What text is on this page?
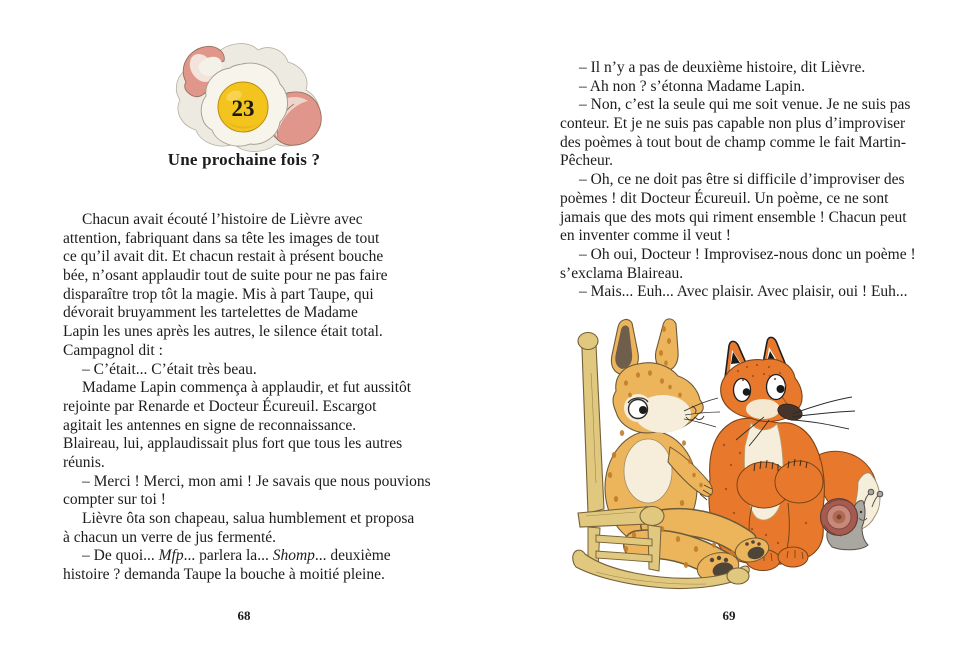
23
Une prochaine fois ?
Chacun avait écouté l’histoire de Lièvre avec
attention, fabriquant dans sa tête les images de tout
ce qu’il avait dit. Et chacun restait à présent bouche
bée, n’osant applaudir tout de suite pour ne pas faire
disparaître trop tôt la magie. Mis à part Taupe, qui
dévorait bruyamment les tartelettes de Madame
Lapin les unes après les autres, le silence était total.
Campagnol dit :
– C’était... C’était très beau.
Madame Lapin commença à applaudir, et fut aussitôt
rejointe par Renarde et Docteur Écureuil. Escargot
agitait les antennes en signe de reconnaissance.
Blaireau, lui, applaudissait plus fort que tous les autres
réunis.
– Merci ! Merci, mon ami ! Je savais que nous pouvions
compter sur toi !
Lièvre ôta son chapeau, salua humblement et proposa
à chacun un verre de jus fermenté.
– De quoi... Mfp... parlera la... Shomp... deuxième
histoire ? demanda Taupe la bouche à moitié pleine.
68
– Il n’y a pas de deuxième histoire, dit Lièvre.
– Ah non ? s’étonna Madame Lapin.
– Non, c’est la seule qui me soit venue. Je ne suis pas
conteur. Et je ne suis pas capable non plus d’improviser
des poèmes à tout bout de champ comme le fait Martin-
Pêcheur.
– Oh, ce ne doit pas être si difficile d’improviser des
poèmes ! dit Docteur Écureuil. Un poème, ce ne sont
jamais que des mots qui riment ensemble ! Chacun peut
en inventer comme il veut !
– Oh oui, Docteur ! Improvisez-nous donc un poème !
s’exclama Blaireau.
– Mais... Euh... Avec plaisir. Avec plaisir, oui ! Euh...
69
